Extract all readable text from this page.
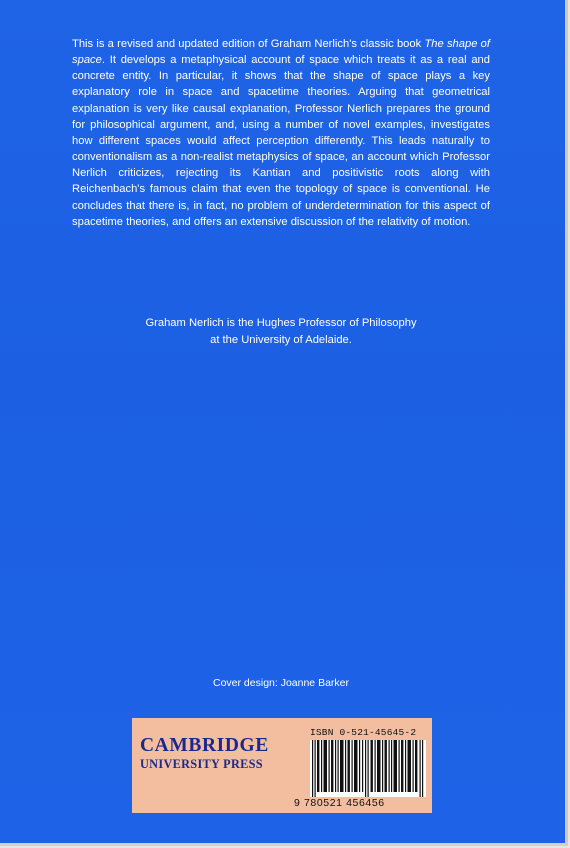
This is a revised and updated edition of Graham Nerlich's classic book The shape of space. It develops a metaphysical account of space which treats it as a real and concrete entity. In particular, it shows that the shape of space plays a key explanatory role in space and spacetime theories. Arguing that geometrical explanation is very like causal explanation, Professor Nerlich prepares the ground for philosophical argument, and, using a number of novel examples, investigates how different spaces would affect perception differently. This leads naturally to conventionalism as a non-realist metaphysics of space, an account which Professor Nerlich criticizes, rejecting its Kantian and positivistic roots along with Reichenbach's famous claim that even the topology of space is conventional. He concludes that there is, in fact, no problem of underdetermination for this aspect of spacetime theories, and offers an extensive discussion of the relativity of motion.

Graham Nerlich is the Hughes Professor of Philosophy
at the University of Adelaide.
Cover design: Joanne Barker
CAMBRIDGE
UNIVERSITY PRESS
ISBN 0-521-45645-2
9 780521 456456
